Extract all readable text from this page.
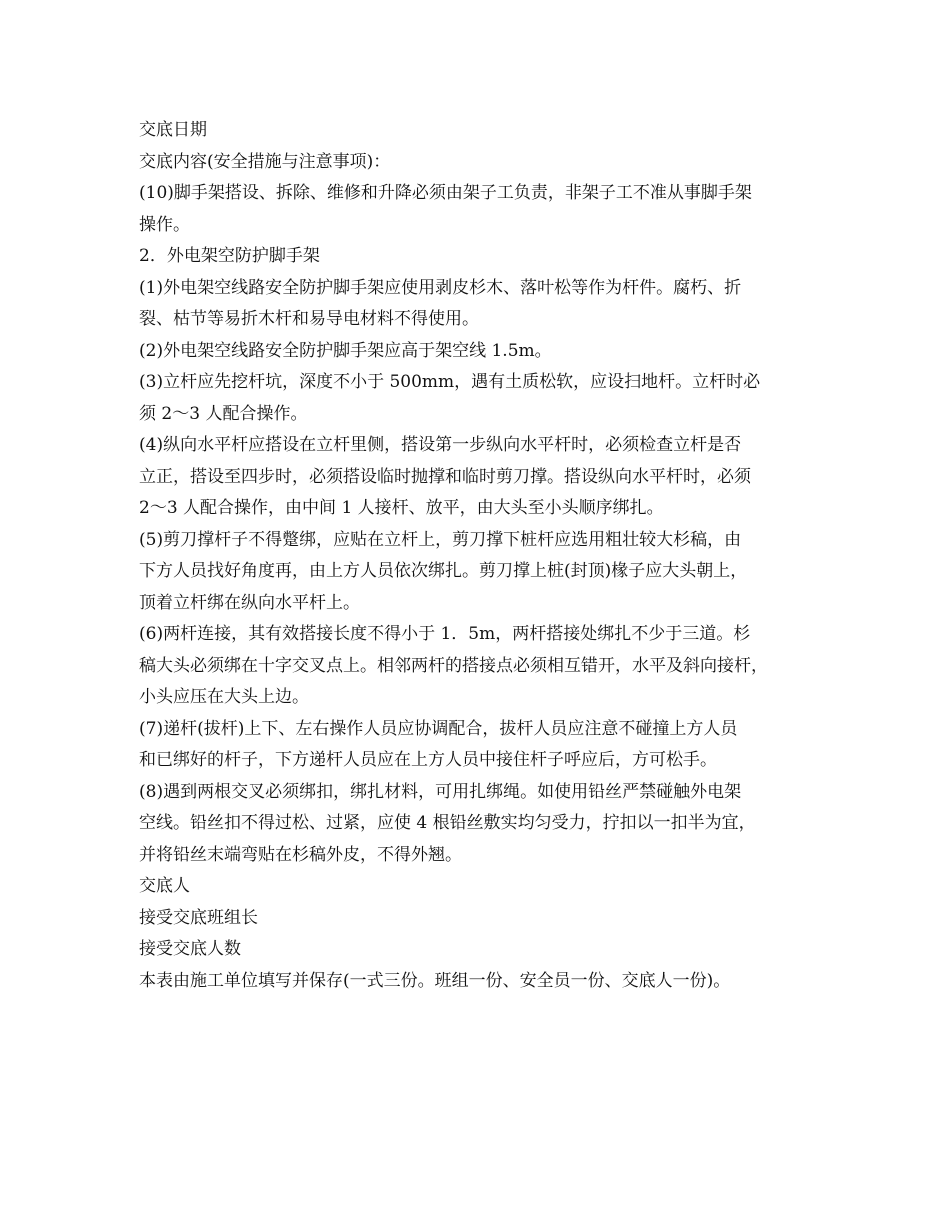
交底日期
交底内容(安全措施与注意事项)：
(10)脚手架搭设、拆除、维修和升降必须由架子工负责，非架子工不准从事脚手架
操作。
2．外电架空防护脚手架
(1)外电架空线路安全防护脚手架应使用剥皮杉木、落叶松等作为杆件。腐朽、折
裂、枯节等易折木杆和易导电材料不得使用。
(2)外电架空线路安全防护脚手架应高于架空线 1.5m。
(3)立杆应先挖杆坑，深度不小于 500mm，遇有土质松软，应设扫地杆。立杆时必
须 2～3 人配合操作。
(4)纵向水平杆应搭设在立杆里侧，搭设第一步纵向水平杆时，必须检查立杆是否
立正，搭设至四步时，必须搭设临时抛撑和临时剪刀撑。搭设纵向水平杆时，必须
2～3 人配合操作，由中间 1 人接杆、放平，由大头至小头顺序绑扎。
(5)剪刀撑杆子不得蹩绑，应贴在立杆上，剪刀撑下桩杆应选用粗壮较大杉稿，由
下方人员找好角度再，由上方人员依次绑扎。剪刀撑上桩(封顶)椽子应大头朝上，
顶着立杆绑在纵向水平杆上。
(6)两杆连接，其有效搭接长度不得小于 1．5m，两杆搭接处绑扎不少于三道。杉
稿大头必须绑在十字交叉点上。相邻两杆的搭接点必须相互错开，水平及斜向接杆，
小头应压在大头上边。
(7)递杆(拔杆)上下、左右操作人员应协调配合，拔杆人员应注意不碰撞上方人员
和已绑好的杆子，下方递杆人员应在上方人员中接住杆子呼应后，方可松手。
(8)遇到两根交叉必须绑扣，绑扎材料，可用扎绑绳。如使用铅丝严禁碰触外电架
空线。铅丝扣不得过松、过紧，应使 4 根铅丝敷实均匀受力，拧扣以一扣半为宜，
并将铅丝末端弯贴在杉稿外皮，不得外翘。
交底人
接受交底班组长
接受交底人数
本表由施工单位填写并保存(一式三份。班组一份、安全员一份、交底人一份)。
